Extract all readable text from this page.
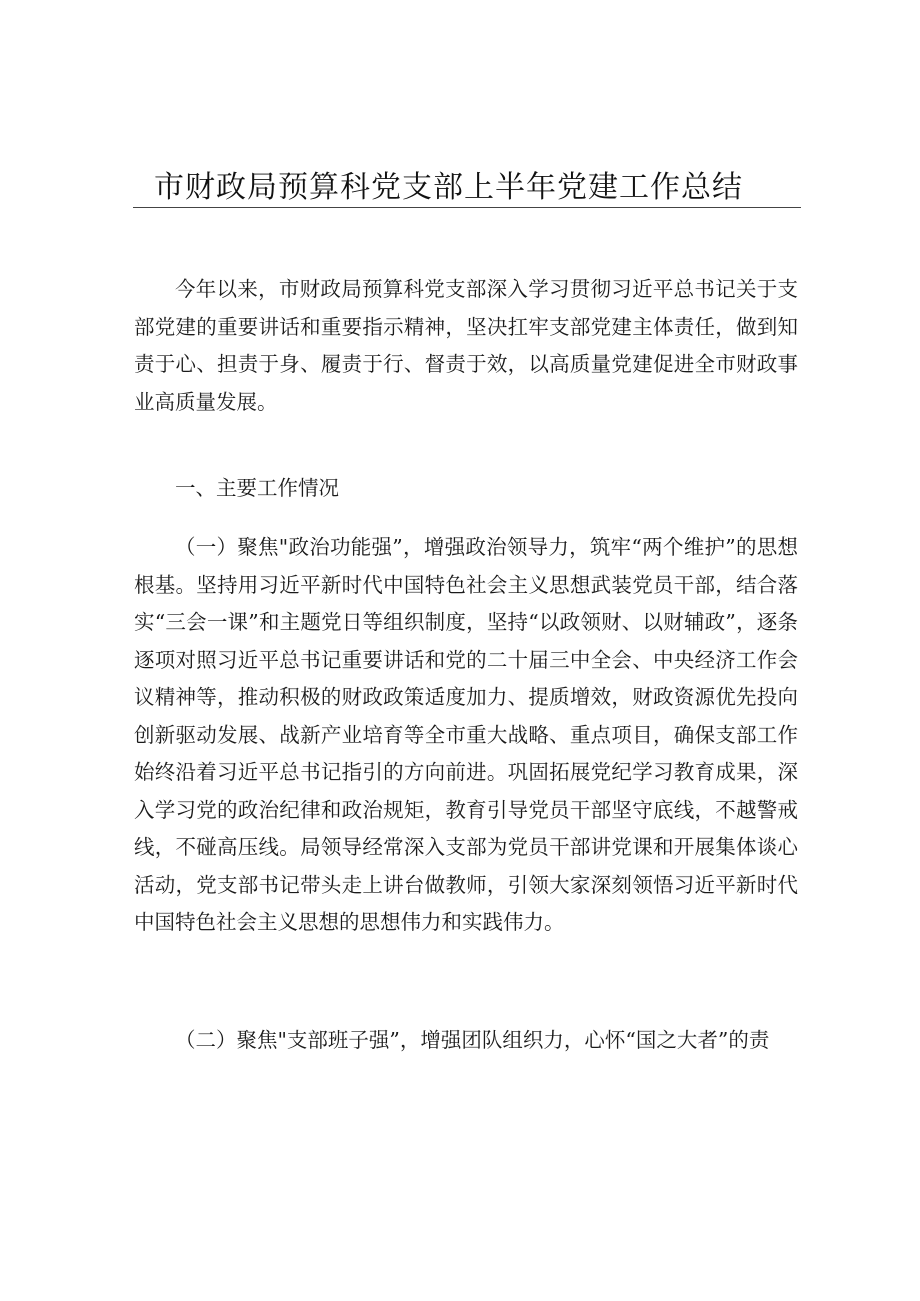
市财政局预算科党支部上半年党建工作总结

今年以来，市财政局预算科党支部深入学习贯彻习近平总书记关于支部党建的重要讲话和重要指示精神，坚决扛牢支部党建主体责任，做到知责于心、担责于身、履责于行、督责于效，以高质量党建促进全市财政事业高质量发展。

一、主要工作情况

（一）聚焦"政治功能强”，增强政治领导力，筑牢“两个维护”的思想根基。坚持用习近平新时代中国特色社会主义思想武装党员干部，结合落实“三会一课”和主题党日等组织制度，坚持“以政领财、以财辅政”，逐条逐项对照习近平总书记重要讲话和党的二十届三中全会、中央经济工作会议精神等，推动积极的财政政策适度加力、提质增效，财政资源优先投向创新驱动发展、战新产业培育等全市重大战略、重点项目，确保支部工作始终沿着习近平总书记指引的方向前进。巩固拓展党纪学习教育成果，深入学习党的政治纪律和政治规矩，教育引导党员干部坚守底线，不越警戒线，不碰高压线。局领导经常深入支部为党员干部讲党课和开展集体谈心活动，党支部书记带头走上讲台做教师，引领大家深刻领悟习近平新时代中国特色社会主义思想的思想伟力和实践伟力。

（二）聚焦"支部班子强”，增强团队组织力，心怀“国之大者”的责
